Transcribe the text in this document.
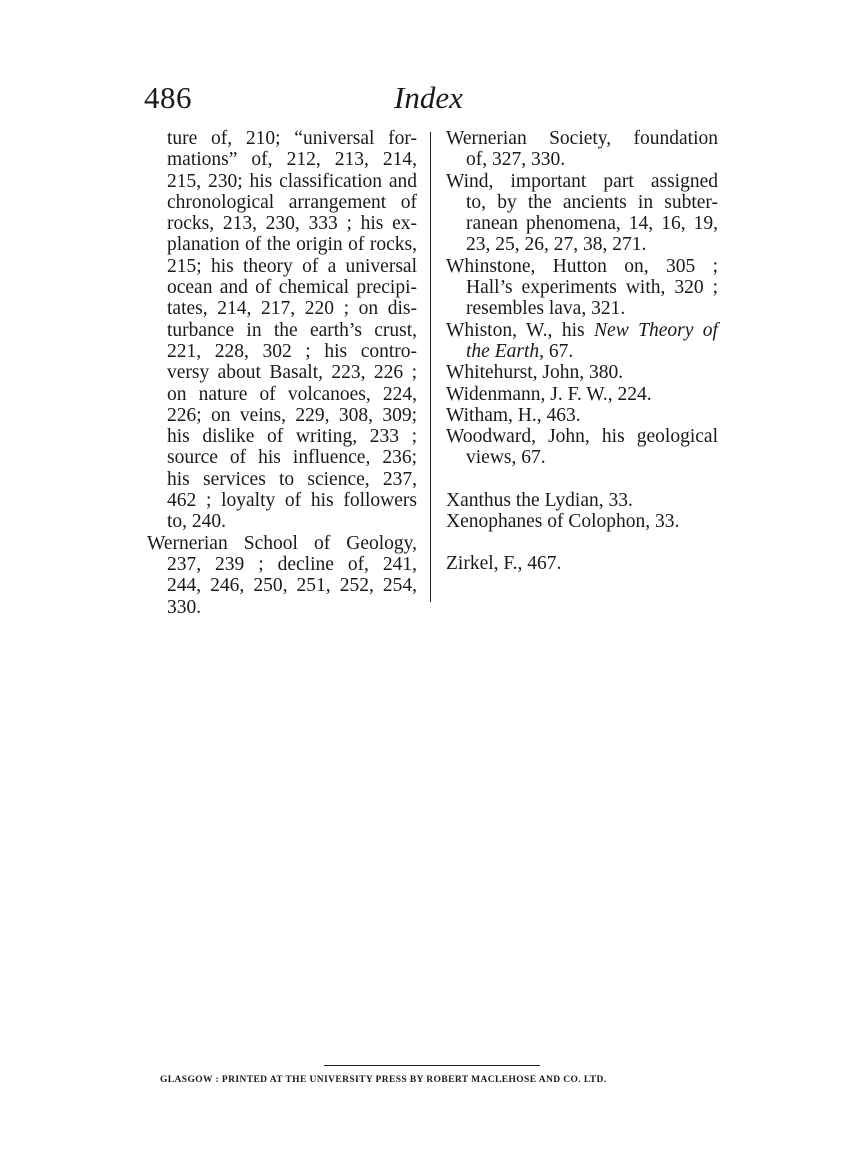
486	Index
ture of, 210; “universal for-
mations” of, 212, 213, 214,
215, 230; his classification and
chronological arrangement of
rocks, 213, 230, 333 ; his ex-
planation of the origin of rocks,
215; his theory of a universal
ocean and of chemical precipi-
tates, 214, 217, 220 ; on dis-
turbance in the earth’s crust,
221, 228, 302 ; his contro-
versy about Basalt, 223, 226 ;
on nature of volcanoes, 224,
226; on veins, 229, 308, 309;
his dislike of writing, 233 ;
source of his influence, 236;
his services to science, 237,
462 ; loyalty of his followers
to, 240.
Wernerian School of Geology,
237, 239 ; decline of, 241,
244, 246, 250, 251, 252, 254,
330.
Wernerian Society, foundation
of, 327, 330.
Wind, important part assigned
to, by the ancients in subter-
ranean phenomena, 14, 16, 19,
23, 25, 26, 27, 38, 271.
Whinstone, Hutton on, 305 ;
Hall’s experiments with, 320 ;
resembles lava, 321.
Whiston, W., his New Theory of
the Earth, 67.
Whitehurst, John, 380.
Widenmann, J. F. W., 224.
Witham, H., 463.
Woodward, John, his geological
views, 67.
Xanthus the Lydian, 33.
Xenophanes of Colophon, 33.
Zirkel, F., 467.
GLASGOW : PRINTED AT THE UNIVERSITY PRESS BY ROBERT MACLEHOSE AND CO. LTD.
